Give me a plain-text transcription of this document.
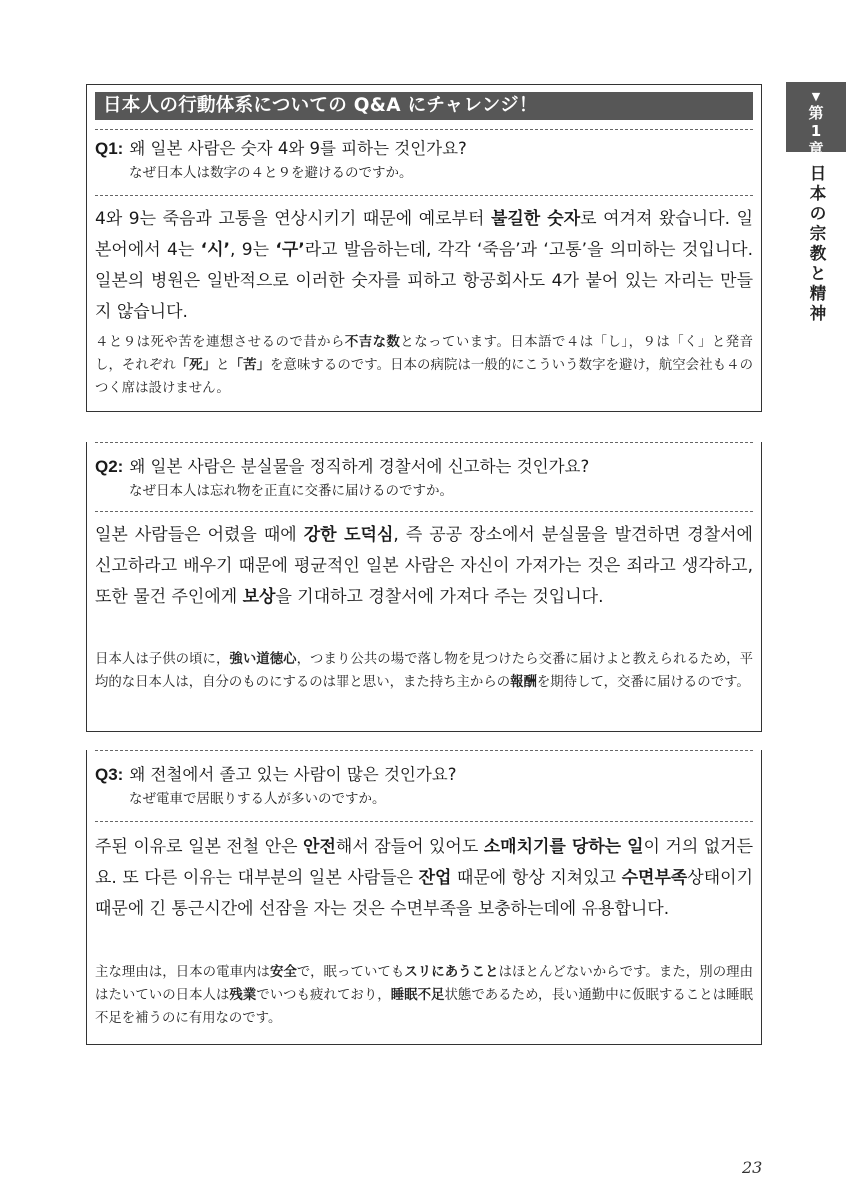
▼
第
1
章
日
本
の
宗
教
と
精
神
日本人の行動体系についての Q&A にチャレンジ！
Q1: 왜 일본 사람은 숫자 4와 9를 피하는 것인가요?
なぜ日本人は数字の４と９を避けるのですか。
4와 9는 죽음과 고통을 연상시키기 때문에 예로부터 불길한 숫자로 여겨져 왔습니다. 일본어에서 4는 ‘시’, 9는 ‘구’라고 발음하는데, 각각 ‘죽음’과 ‘고통’을 의미하는 것입니다. 일본의 병원은 일반적으로 이러한 숫자를 피하고 항공회사도 4가 붙어 있는 자리는 만들지 않습니다.
４と９は死や苦を連想させるので昔から不吉な数となっています。日本語で４は「し」，９は「く」と発音し，それぞれ「死」と「苦」を意味するのです。日本の病院は一般的にこういう数字を避け，航空会社も４のつく席は設けません。
Q2: 왜 일본 사람은 분실물을 정직하게 경찰서에 신고하는 것인가요?
なぜ日本人は忘れ物を正直に交番に届けるのですか。
일본 사람들은 어렸을 때에 강한 도덕심, 즉 공공 장소에서 분실물을 발견하면 경찰서에 신고하라고 배우기 때문에 평균적인 일본 사람은 자신이 가져가는 것은 죄라고 생각하고, 또한 물건 주인에게 보상을 기대하고 경찰서에 가져다 주는 것입니다.
日本人は子供の頃に，強い道徳心，つまり公共の場で落し物を見つけたら交番に届けよと教えられるため，平均的な日本人は，自分のものにするのは罪と思い，また持ち主からの報酬を期待して，交番に届けるのです。
Q3: 왜 전철에서 졸고 있는 사람이 많은 것인가요?
なぜ電車で居眠りする人が多いのですか。
주된 이유로 일본 전철 안은 안전해서 잠들어 있어도 소매치기를 당하는 일이 거의 없거든요. 또 다른 이유는 대부분의 일본 사람들은 잔업 때문에 항상 지쳐있고 수면부족상태이기 때문에 긴 통근시간에 선잠을 자는 것은 수면부족을 보충하는데에 유용합니다.
主な理由は，日本の電車内は安全で，眠っていてもスリにあうことはほとんどないからです。また，別の理由はたいていの日本人は残業でいつも疲れており，睡眠不足状態であるため，長い通勤中に仮眠することは睡眠不足を補うのに有用なのです。
23
